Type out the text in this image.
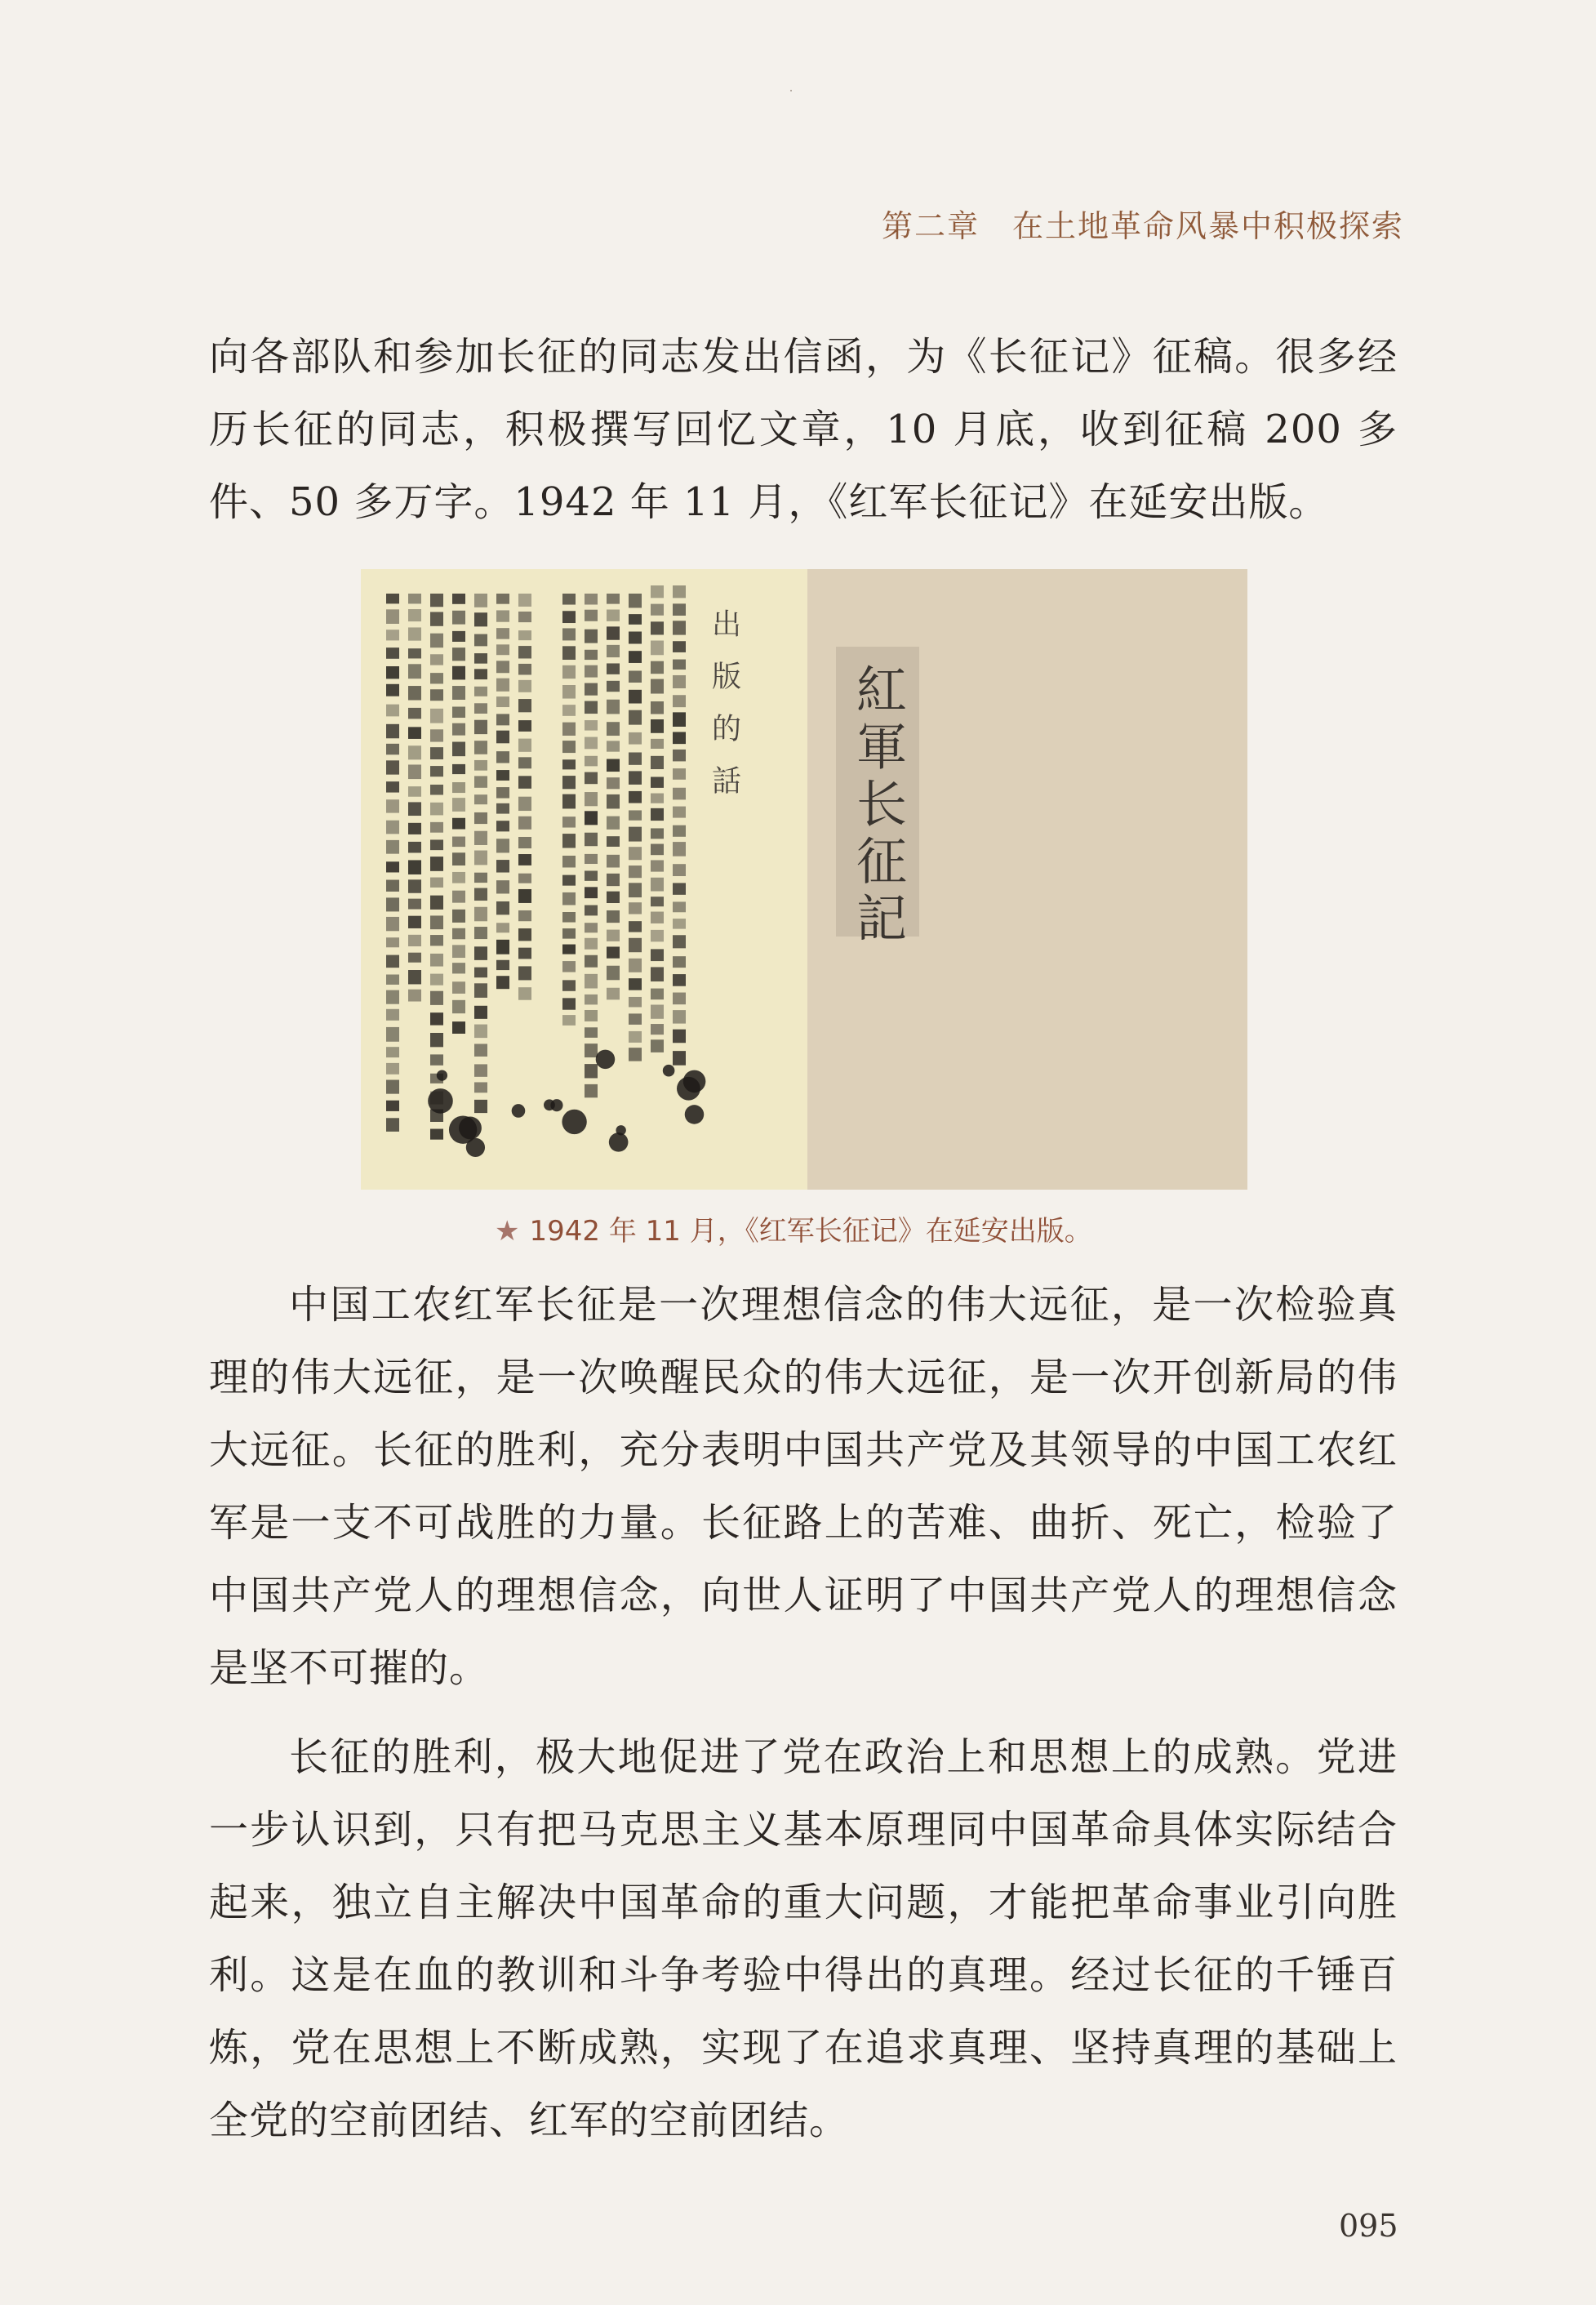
第二章 在土地革命风暴中积极探索

向各部队和参加长征的同志发出信函，为《长征记》征稿。很多经历长征的同志，积极撰写回忆文章，10 月底，收到征稿 200 多件、50 多万字。1942 年 11 月，《红军长征记》在延安出版。

出版的話 紅軍长征記
★ 1942 年 11 月，《红军长征记》在延安出版。

中国工农红军长征是一次理想信念的伟大远征，是一次检验真理的伟大远征，是一次唤醒民众的伟大远征，是一次开创新局的伟大远征。长征的胜利，充分表明中国共产党及其领导的中国工农红军是一支不可战胜的力量。长征路上的苦难、曲折、死亡，检验了中国共产党人的理想信念，向世人证明了中国共产党人的理想信念是坚不可摧的。

长征的胜利，极大地促进了党在政治上和思想上的成熟。党进一步认识到，只有把马克思主义基本原理同中国革命具体实际结合起来，独立自主解决中国革命的重大问题，才能把革命事业引向胜利。这是在血的教训和斗争考验中得出的真理。经过长征的千锤百炼，党在思想上不断成熟，实现了在追求真理、坚持真理的基础上全党的空前团结、红军的空前团结。

095
